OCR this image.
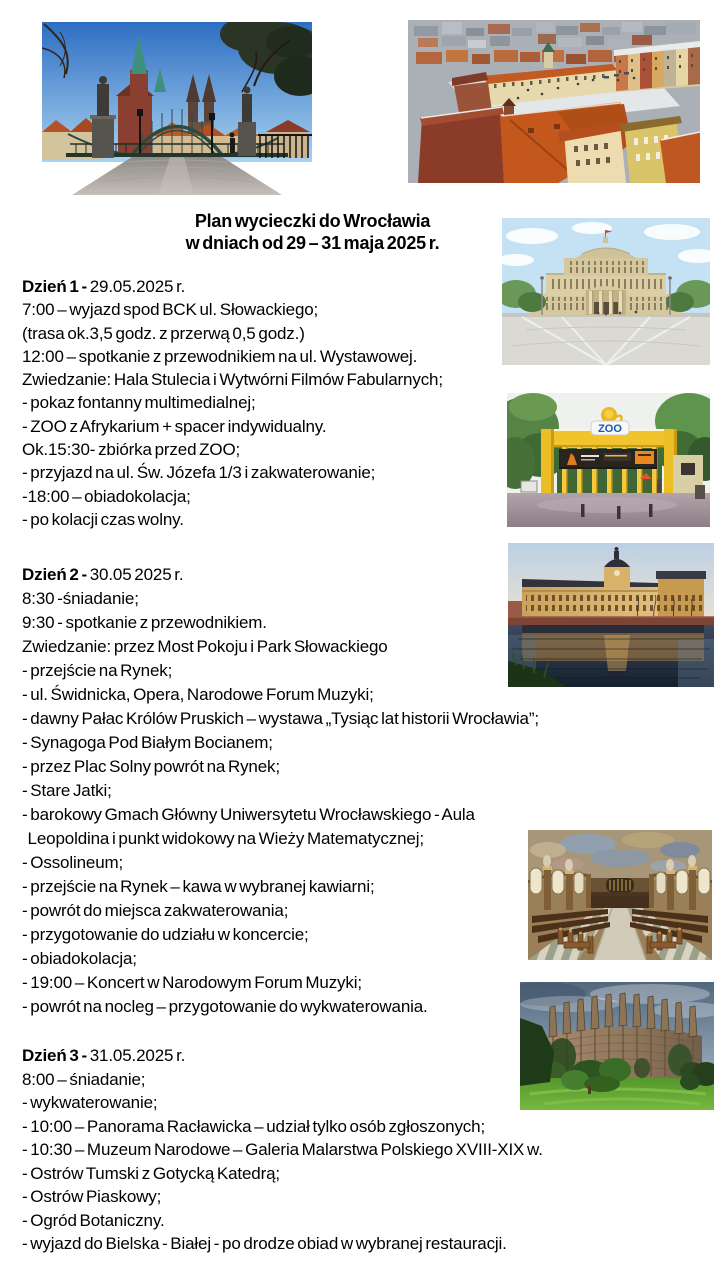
ZOO
Plan wycieczki do Wrocławia
w dniach od 29 – 31 maja 2025 r.
Dzień 1 - 29.05.2025 r.
7:00 – wyjazd spod BCK ul. Słowackiego;
(trasa ok.3,5 godz. z przerwą 0,5 godz.)
12:00 – spotkanie z przewodnikiem na ul. Wystawowej.
Zwiedzanie: Hala Stulecia i Wytwórni Filmów Fabularnych;
- pokaz fontanny multimedialnej;
- ZOO z Afrykarium + spacer indywidualny.
Ok.15:30- zbiórka przed ZOO;
- przyjazd na ul. Św. Józefa 1/3 i zakwaterowanie;
-18:00 – obiadokolacja;
- po kolacji czas wolny.
Dzień 2 - 30.05 2025 r.
8:30 -śniadanie;
9:30 - spotkanie z przewodnikiem.
Zwiedzanie: przez Most Pokoju i Park Słowackiego
- przejście na Rynek;
- ul. Świdnicka, Opera, Narodowe Forum Muzyki;
- dawny Pałac Królów Pruskich – wystawa „Tysiąc lat historii Wrocławia”;
- Synagoga Pod Białym Bocianem;
- przez Plac Solny powrót na Rynek;
- Stare Jatki;
- barokowy Gmach Główny Uniwersytetu Wrocławskiego - Aula
Leopoldina i punkt widokowy na Wieży Matematycznej;
- Ossolineum;
- przejście na Rynek – kawa w wybranej kawiarni;
- powrót do miejsca zakwaterowania;
- przygotowanie do udziału w koncercie;
- obiadokolacja;
- 19:00 – Koncert w Narodowym Forum Muzyki;
- powrót na nocleg – przygotowanie do wykwaterowania.
Dzień 3 - 31.05.2025 r.
8:00 – śniadanie;
- wykwaterowanie;
- 10:00 – Panorama Racławicka – udział tylko osób zgłoszonych;
- 10:30 – Muzeum Narodowe – Galeria Malarstwa Polskiego XVIII-XIX w.
- Ostrów Tumski z Gotycką Katedrą;
- Ostrów Piaskowy;
- Ogród Botaniczny.
- wyjazd do Bielska - Białej - po drodze obiad w wybranej restauracji.
